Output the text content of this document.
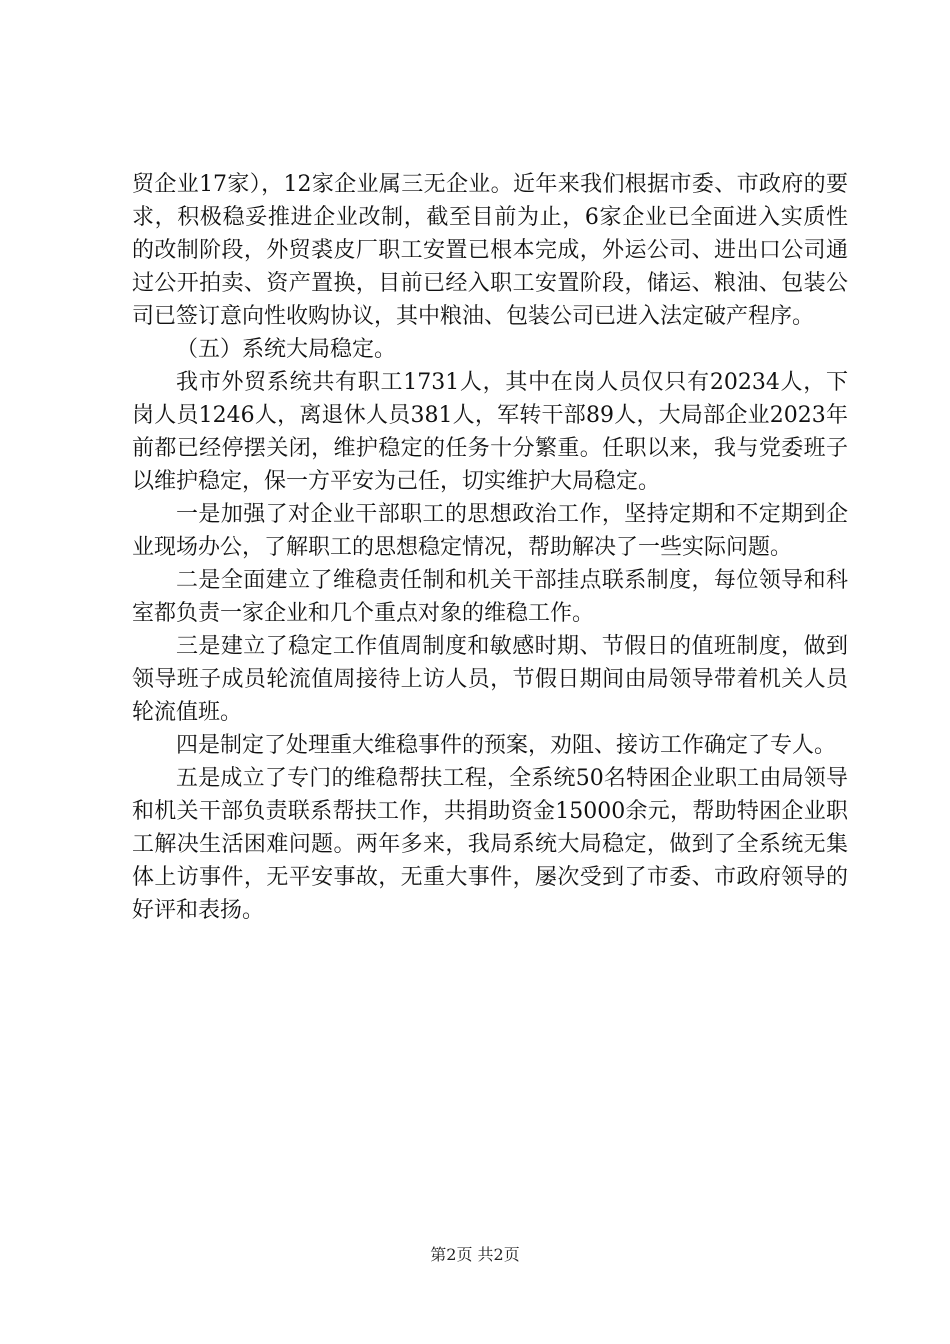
贸企业17家），12家企业属三无企业。近年来我们根据市委、市政府的要求，积极稳妥推进企业改制，截至目前为止，6家企业已全面进入实质性的改制阶段，外贸裘皮厂职工安置已根本完成，外运公司、进出口公司通过公开拍卖、资产置换，目前已经入职工安置阶段，储运、粮油、包装公司已签订意向性收购协议，其中粮油、包装公司已进入法定破产程序。

（五）系统大局稳定。

我市外贸系统共有职工1731人，其中在岗人员仅只有20234人，下岗人员1246人，离退休人员381人，军转干部89人，大局部企业2023年前都已经停摆关闭，维护稳定的任务十分繁重。任职以来，我与党委班子以维护稳定，保一方平安为己任，切实维护大局稳定。

一是加强了对企业干部职工的思想政治工作，坚持定期和不定期到企业现场办公，了解职工的思想稳定情况，帮助解决了一些实际问题。

二是全面建立了维稳责任制和机关干部挂点联系制度，每位领导和科室都负责一家企业和几个重点对象的维稳工作。

三是建立了稳定工作值周制度和敏感时期、节假日的值班制度，做到领导班子成员轮流值周接待上访人员，节假日期间由局领导带着机关人员轮流值班。

四是制定了处理重大维稳事件的预案，劝阻、接访工作确定了专人。

五是成立了专门的维稳帮扶工程，全系统50名特困企业职工由局领导和机关干部负责联系帮扶工作，共捐助资金15000余元，帮助特困企业职工解决生活困难问题。两年多来，我局系统大局稳定，做到了全系统无集体上访事件，无平安事故，无重大事件，屡次受到了市委、市政府领导的好评和表扬。

第2页 共2页
